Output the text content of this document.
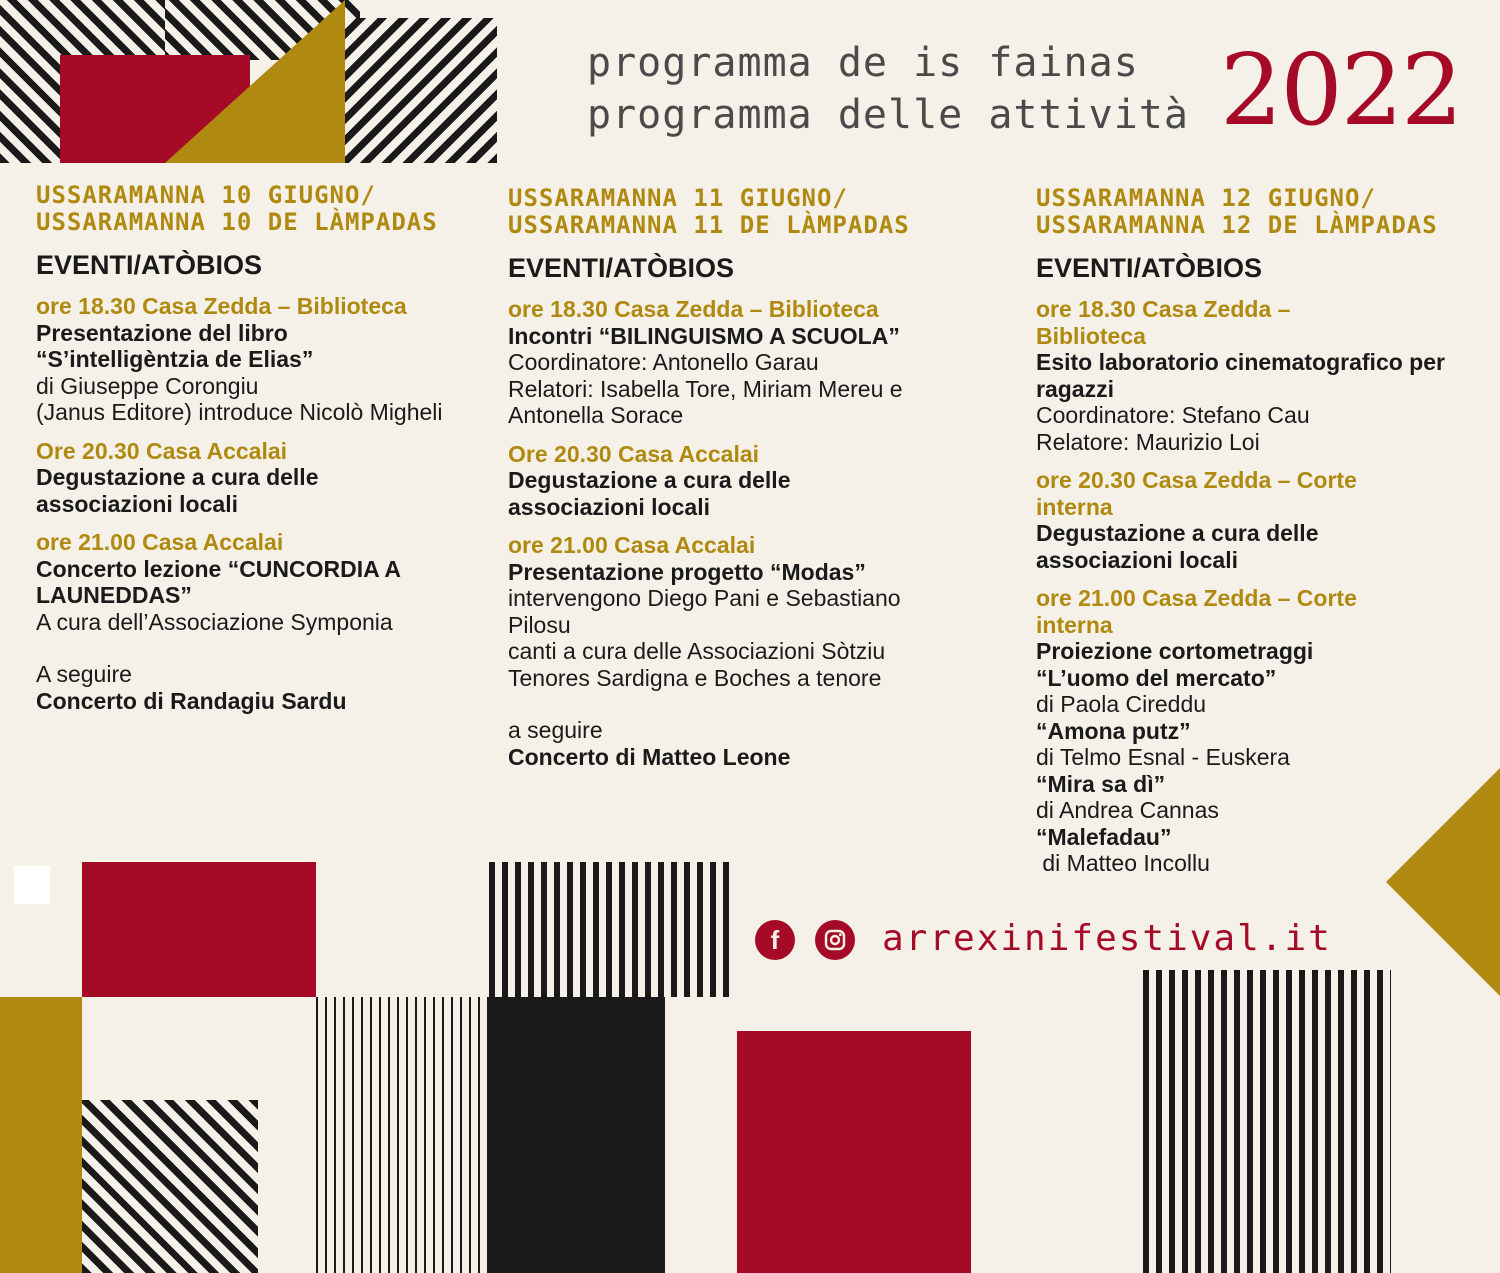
programma de is fainas
programma delle attività 2022
USSARAMANNA 10 GIUGNO/ USSARAMANNA 10 DE LÀMPADAS
EVENTI/ATÒBIOS
ore 18.30 Casa Zedda – Biblioteca
Presentazione del libro “S’intelligèntzia de Elias”
di Giuseppe Corongiu
(Janus Editore) introduce Nicolò Migheli
Ore 20.30 Casa Accalai
Degustazione a cura delle associazioni locali
ore 21.00 Casa Accalai
Concerto lezione “CUNCORDIA A LAUNEDDAS”
A cura dell’Associazione Symponia
A seguire
Concerto di Randagiu Sardu
USSARAMANNA 11 GIUGNO/ USSARAMANNA 11 DE LÀMPADAS
EVENTI/ATÒBIOS
ore 18.30 Casa Zedda – Biblioteca
Incontri “BILINGUISMO A SCUOLA”
Coordinatore: Antonello Garau
Relatori: Isabella Tore, Miriam Mereu e Antonella Sorace
Ore 20.30 Casa Accalai
Degustazione a cura delle associazioni locali
ore 21.00 Casa Accalai
Presentazione progetto “Modas”
intervengono Diego Pani e Sebastiano Pilosu
canti a cura delle Associazioni Sòtziu Tenores Sardigna e Boches a tenore
a seguire
Concerto di Matteo Leone
USSARAMANNA 12 GIUGNO/ USSARAMANNA 12 DE LÀMPADAS
EVENTI/ATÒBIOS
ore 18.30 Casa Zedda – Biblioteca
Esito laboratorio cinematografico per ragazzi
Coordinatore: Stefano Cau
Relatore: Maurizio Loi
ore 20.30 Casa Zedda – Corte interna
Degustazione a cura delle associazioni locali
ore 21.00 Casa Zedda – Corte interna
Proiezione cortometraggi
“L’uomo del mercato”
di Paola Cireddu
“Amona putz”
di Telmo Esnal - Euskera
“Mira sa dì”
di Andrea Cannas
“Malefadau”
di Matteo Incollu
f	arrexinifestival.it
